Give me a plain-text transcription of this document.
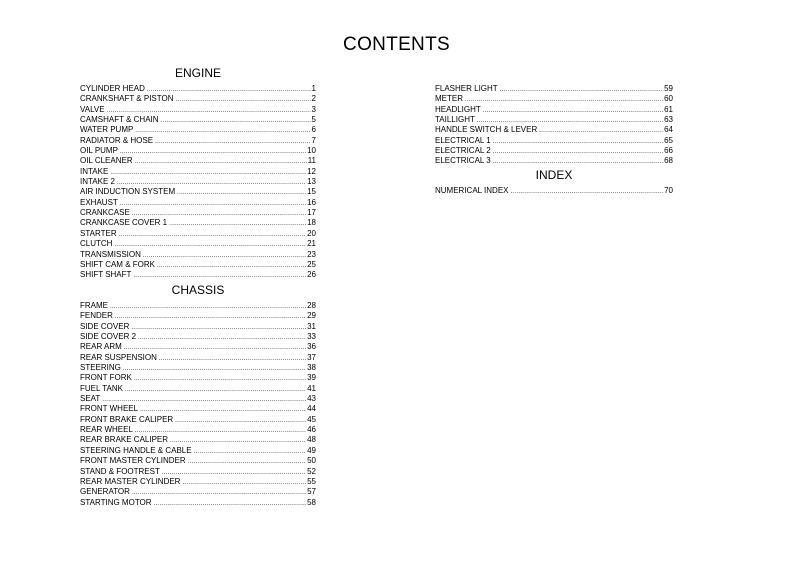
CONTENTS
ENGINE
CYLINDER HEAD .....	1
CRANKSHAFT & PISTON .....	2
VALVE .....	3
CAMSHAFT & CHAIN .....	5
WATER PUMP .....	6
RADIATOR & HOSE .....	7
OIL PUMP .....	10
OIL CLEANER .....	11
INTAKE .....	12
INTAKE 2 .....	13
AIR INDUCTION SYSTEM .....	15
EXHAUST .....	16
CRANKCASE .....	17
CRANKCASE COVER 1 .....	18
STARTER .....	20
CLUTCH .....	21
TRANSMISSION .....	23
SHIFT CAM & FORK .....	25
SHIFT SHAFT .....	26
CHASSIS
FRAME .....	28
FENDER .....	29
SIDE COVER .....	31
SIDE COVER 2 .....	33
REAR ARM .....	36
REAR SUSPENSION .....	37
STEERING .....	38
FRONT FORK .....	39
FUEL TANK .....	41
SEAT .....	43
FRONT WHEEL .....	44
FRONT BRAKE CALIPER .....	45
REAR WHEEL .....	46
REAR BRAKE CALIPER .....	48
STEERING HANDLE & CABLE .....	49
FRONT MASTER CYLINDER .....	50
STAND & FOOTREST .....	52
REAR MASTER CYLINDER .....	55
GENERATOR .....	57
STARTING MOTOR .....	58
FLASHER LIGHT .....	59
METER .....	60
HEADLIGHT .....	61
TAILLIGHT .....	63
HANDLE SWITCH & LEVER .....	64
ELECTRICAL 1 .....	65
ELECTRICAL 2 .....	66
ELECTRICAL 3 .....	68
INDEX
NUMERICAL INDEX .....	70
